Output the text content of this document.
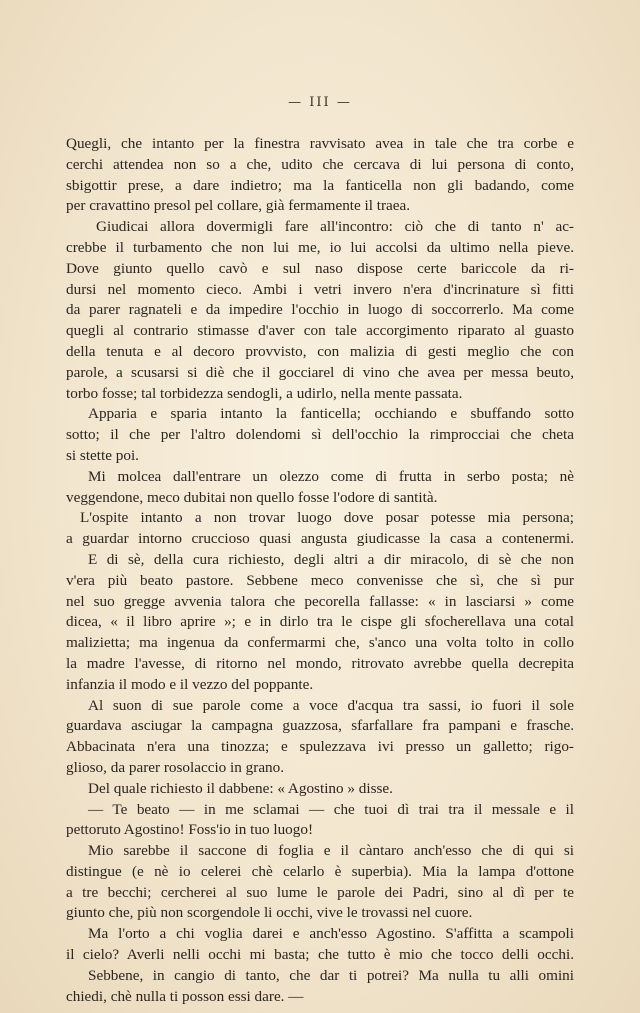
— III —
Quegli, che intanto per la finestra ravvisato avea in tale che tra corbe e
cerchi attendea non so a che, udito che cercava di lui persona di conto,
sbigottir prese, a dare indietro; ma la fanticella non gli badando, come
per cravattino presol pel collare, già fermamente il traea.
Giudicai allora dovermigli fare all'incontro: ciò che di tanto n' ac-
crebbe il turbamento che non lui me, io lui accolsi da ultimo nella pieve.
Dove giunto quello cavò e sul naso dispose certe bariccole da ri-
dursi nel momento cieco. Ambi i vetri invero n'era d'incrinature sì fitti
da parer ragnateli e da impedire l'occhio in luogo di soccorrerlo. Ma come
quegli al contrario stimasse d'aver con tale accorgimento riparato al guasto
della tenuta e al decoro provvisto, con malizia di gesti meglio che con
parole, a scusarsi si diè che il gocciarel di vino che avea per messa beuto,
torbo fosse; tal torbidezza sendogli, a udirlo, nella mente passata.
Appariа e spariа intanto la fanticella; occhiando e sbuffando sotto
sotto; il che per l'altro dolendomi sì dell'occhio la rimprocciai che cheta
si stette poi.
Mi molcea dall'entrare un olezzo come di frutta in serbo posta; nè
veggendone, meco dubitai non quello fosse l'odore di santità.
L'ospite intanto a non trovar luogo dove posar potesse mia persona;
a guardar intorno cruccioso quasi angusta giudicasse la casa a contenermi.
E di sè, della cura richiesto, degli altri a dir miracolo, di sè che non
v'era più beato pastore. Sebbene meco convenisse che sì, che sì pur
nel suo gregge avvenia talora che pecorella fallasse: « in lasciarsi » come
dicea, « il libro aprire »; e in dirlo tra le cispe gli sfocherellava una cotal
malizietta; ma ingenua da confermarmi che, s'anco una volta tolto in collo
la madre l'avesse, di ritorno nel mondo, ritrovato avrebbe quella decrepita
infanzia il modo e il vezzo del poppante.
Al suon di sue parole come a voce d'acqua tra sassi, io fuori il sole
guardava asciugar la campagna guazzosa, sfarfallare fra pampani e frasche.
Abbacinata n'era una tinozza; e spulezzava ivi presso un galletto; rigo-
glioso, da parer rosolaccio in grano.
Del quale richiesto il dabbene: « Agostino » disse.
— Te beato — in me sclamai — che tuoi dì trai tra il messale e il
pettoruto Agostino! Foss'io in tuo luogo!
Mio sarebbe il saccone di foglia e il càntaro anch'esso che di qui si
distingue (e nè io celerei chè celarlo è superbia). Mia la lampa d'ottone
a tre becchi; cercherei al suo lume le parole dei Padri, sino al dì per te
giunto che, più non scorgendole li occhi, vive le trovassi nel cuore.
Ma l'orto a chi voglia darei e anch'esso Agostino. S'affitta a scampoli
il cielo? Averli nelli occhi mi basta; che tutto è mio che tocco delli occhi.
Sebbene, in cangio di tanto, che dar ti potrei? Ma nulla tu alli omini
chiedi, chè nulla ti posson essi dare. —
